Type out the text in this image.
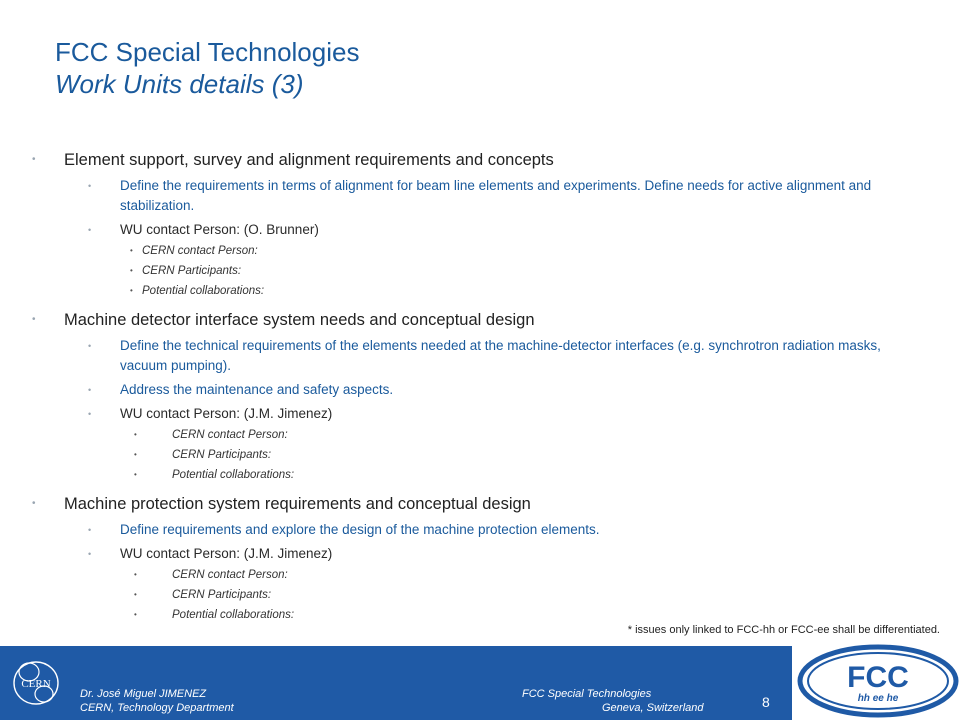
FCC Special Technologies
Work Units details (3)
• Element support, survey and alignment requirements and concepts
• Define the requirements in terms of alignment for beam line elements and experiments. Define needs for active alignment and stabilization.
• WU contact Person: (O. Brunner)
• CERN contact Person:
• CERN Participants:
• Potential collaborations:
• Machine detector interface system needs and conceptual design
• Define the technical requirements of the elements needed at the machine-detector interfaces (e.g. synchrotron radiation masks, vacuum pumping).
• Address the maintenance and safety aspects.
• WU contact Person: (J.M. Jimenez)
•	CERN contact Person:
•	CERN Participants:
•	Potential collaborations:
• Machine protection system requirements and conceptual design
• Define requirements and explore the design of the machine protection elements.
• WU contact Person: (J.M. Jimenez)
•	CERN contact Person:
•	CERN Participants:
•	Potential collaborations:
* issues only linked to FCC-hh or FCC-ee shall be differentiated.
CERN
Dr. José Miguel JIMENEZ
CERN, Technology Department
FCC Special Technologies
Geneva, Switzerland	8
FCC
hh ee he
